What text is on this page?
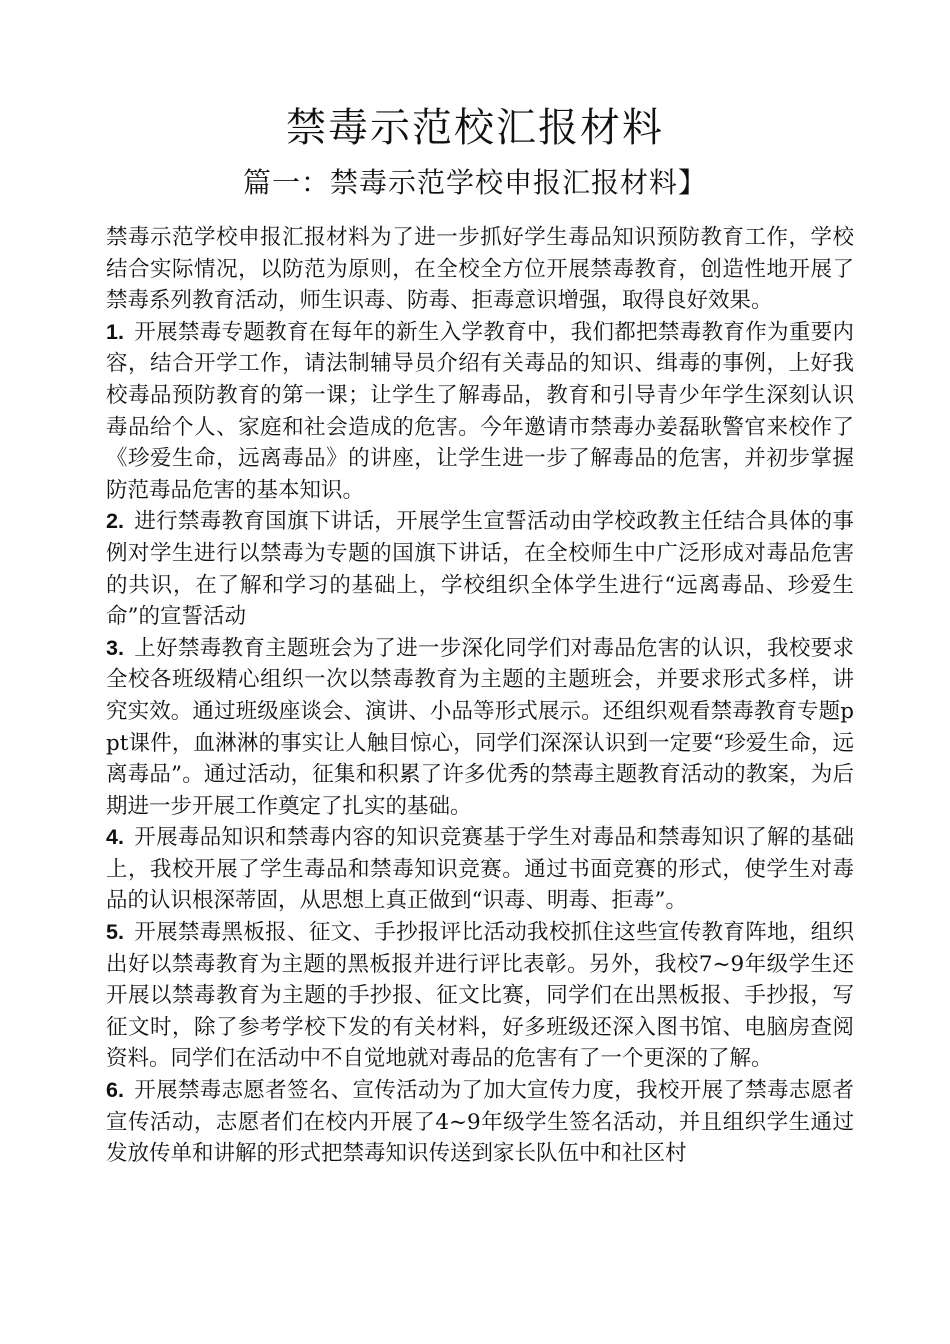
禁毒示范校汇报材料
篇一：禁毒示范学校申报汇报材料】

禁毒示范学校申报汇报材料为了进一步抓好学生毒品知识预防教育工作，学校结合实际情况，以防范为原则，在全校全方位开展禁毒教育，创造性地开展了禁毒系列教育活动，师生识毒、防毒、拒毒意识增强，取得良好效果。

1. 开展禁毒专题教育在每年的新生入学教育中，我们都把禁毒教育作为重要内容，结合开学工作，请法制辅导员介绍有关毒品的知识、缉毒的事例，上好我校毒品预防教育的第一课；让学生了解毒品，教育和引导青少年学生深刻认识毒品给个人、家庭和社会造成的危害。今年邀请市禁毒办姜磊耿警官来校作了《珍爱生命，远离毒品》的讲座，让学生进一步了解毒品的危害，并初步掌握防范毒品危害的基本知识。

2. 进行禁毒教育国旗下讲话，开展学生宣誓活动由学校政教主任结合具体的事例对学生进行以禁毒为专题的国旗下讲话，在全校师生中广泛形成对毒品危害的共识，在了解和学习的基础上，学校组织全体学生进行“远离毒品、珍爱生命”的宣誓活动

3. 上好禁毒教育主题班会为了进一步深化同学们对毒品危害的认识，我校要求全校各班级精心组织一次以禁毒教育为主题的主题班会，并要求形式多样，讲究实效。通过班级座谈会、演讲、小品等形式展示。还组织观看禁毒教育专题ppt课件，血淋淋的事实让人触目惊心，同学们深深认识到一定要“珍爱生命，远离毒品”。通过活动，征集和积累了许多优秀的禁毒主题教育活动的教案，为后期进一步开展工作奠定了扎实的基础。

4. 开展毒品知识和禁毒内容的知识竞赛基于学生对毒品和禁毒知识了解的基础上，我校开展了学生毒品和禁毒知识竞赛。通过书面竞赛的形式，使学生对毒品的认识根深蒂固，从思想上真正做到“识毒、明毒、拒毒”。

5. 开展禁毒黑板报、征文、手抄报评比活动我校抓住这些宣传教育阵地，组织出好以禁毒教育为主题的黑板报并进行评比表彰。另外，我校7~9年级学生还开展以禁毒教育为主题的手抄报、征文比赛，同学们在出黑板报、手抄报，写征文时，除了参考学校下发的有关材料，好多班级还深入图书馆、电脑房查阅资料。同学们在活动中不自觉地就对毒品的危害有了一个更深的了解。

6. 开展禁毒志愿者签名、宣传活动为了加大宣传力度，我校开展了禁毒志愿者宣传活动，志愿者们在校内开展了4~9年级学生签名活动，并且组织学生通过发放传单和讲解的形式把禁毒知识传送到家长队伍中和社区村
